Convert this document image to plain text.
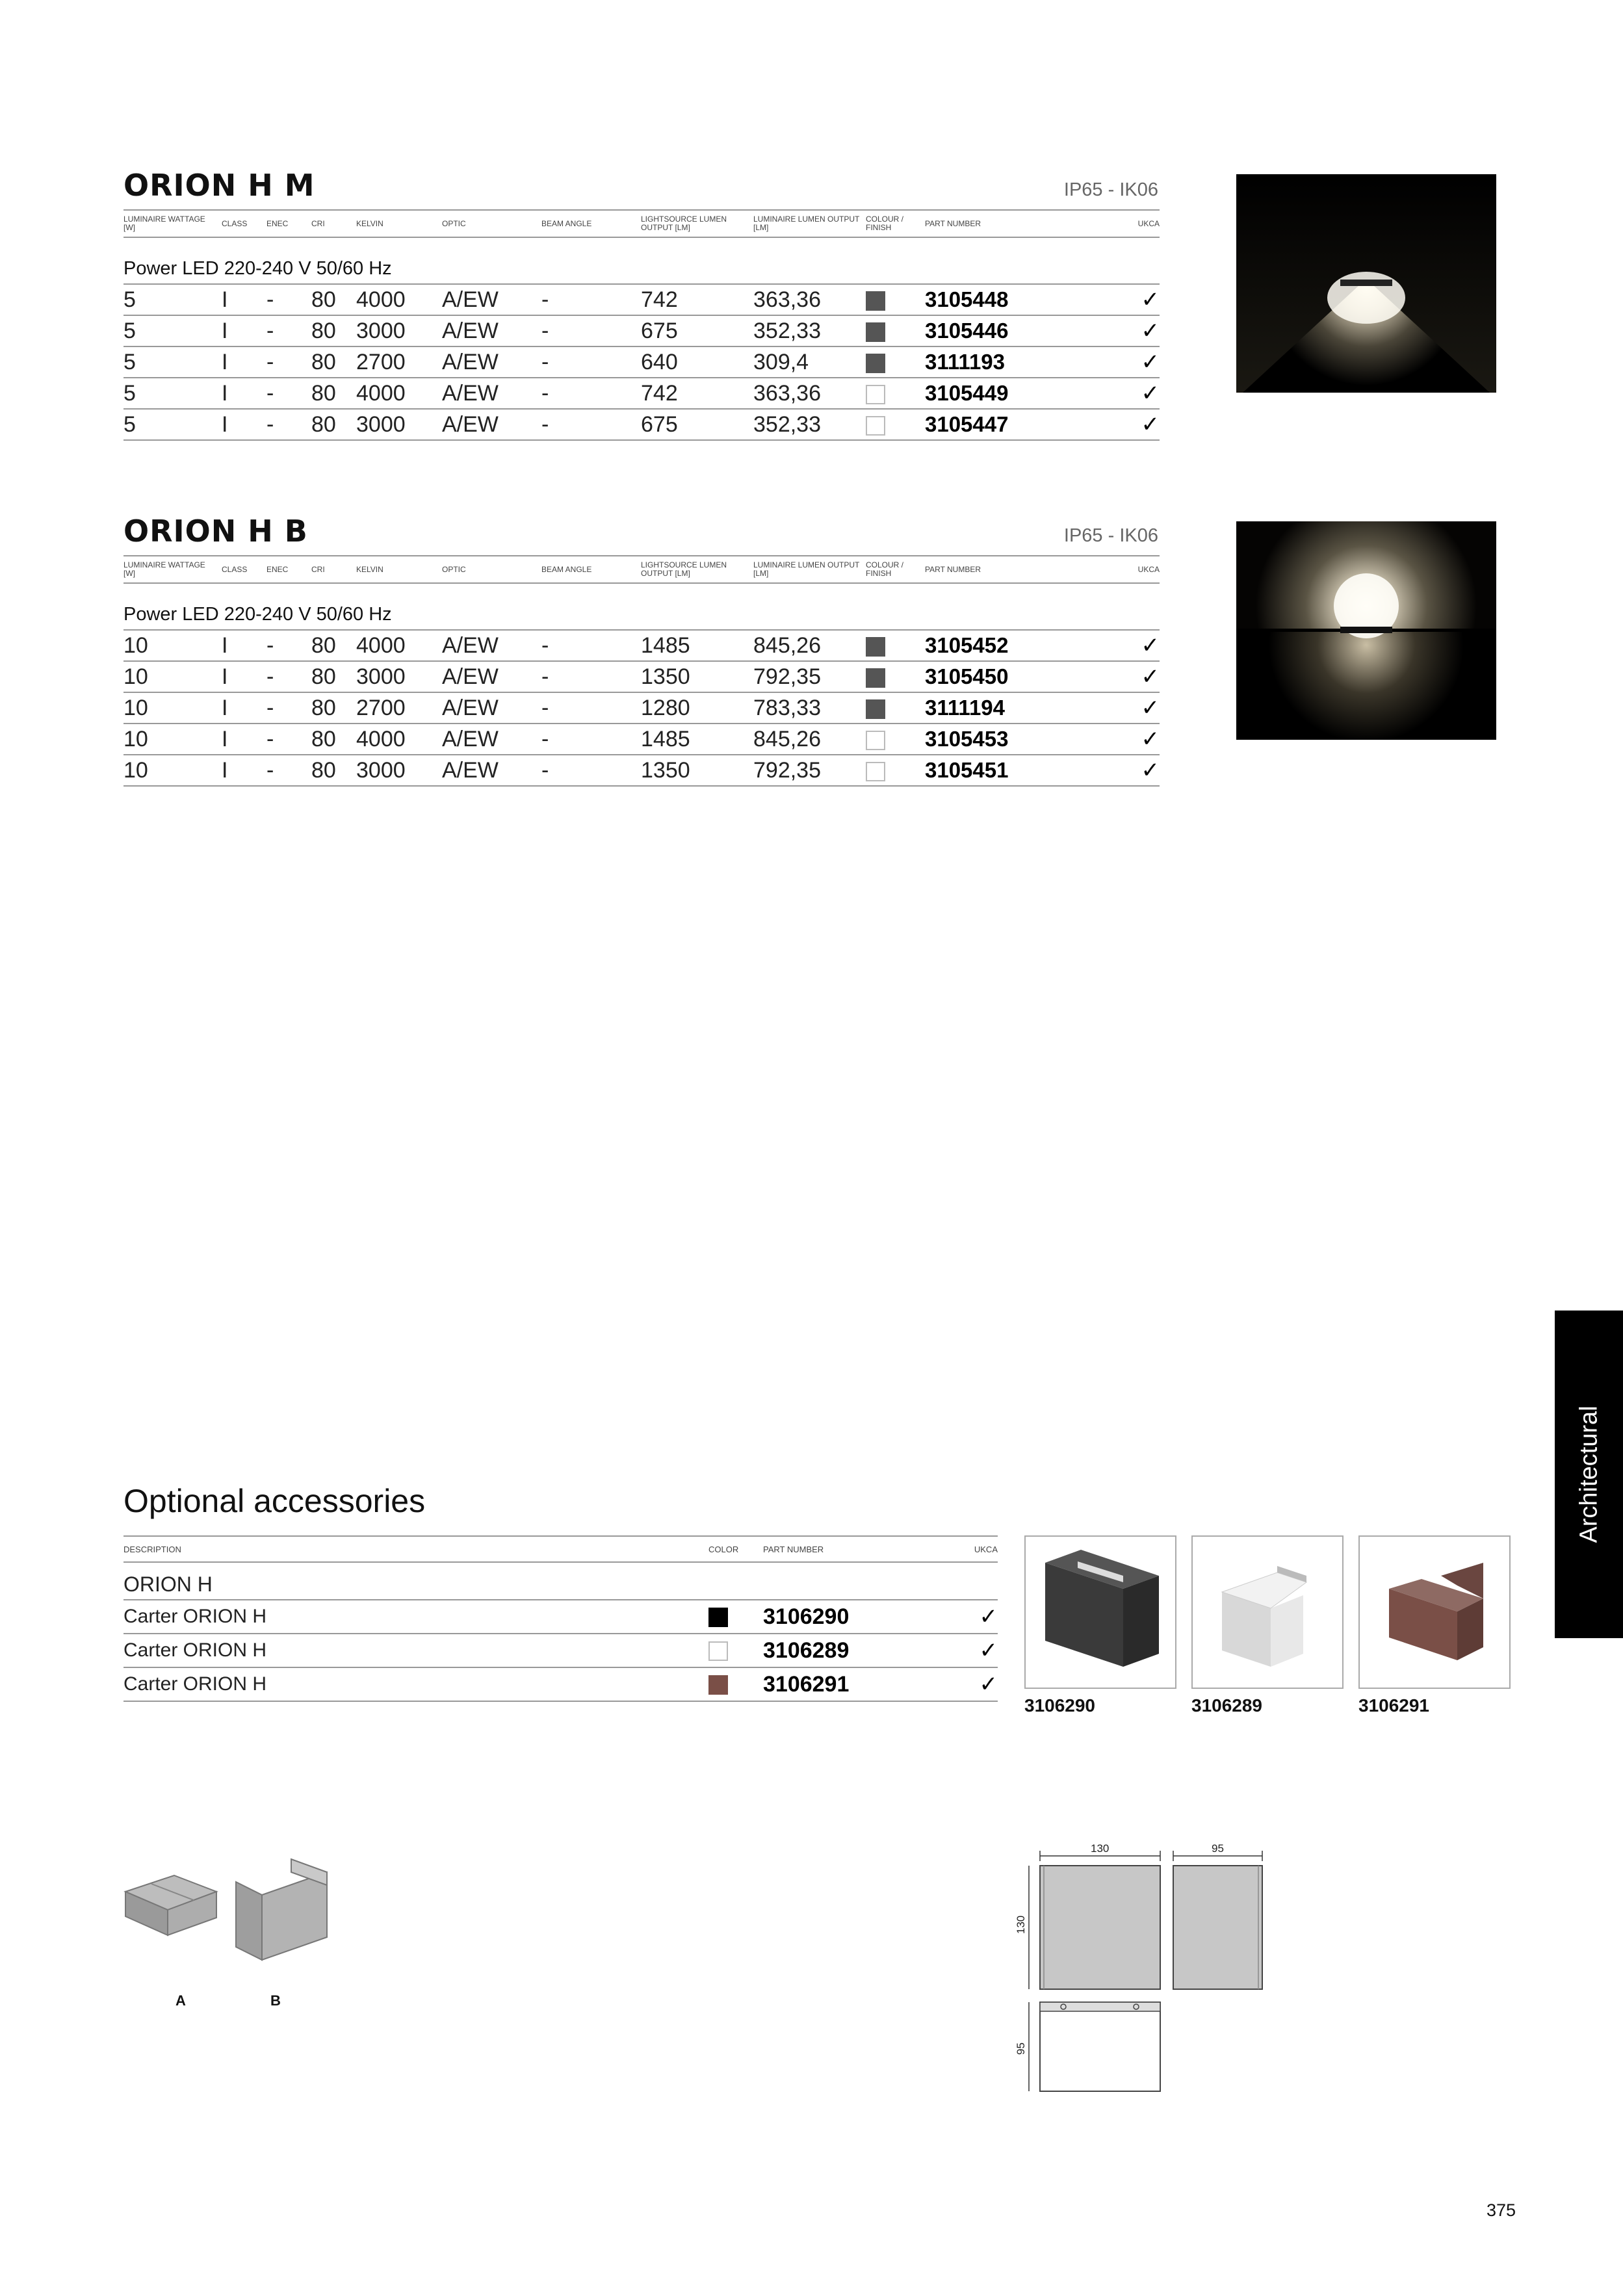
ORION H M	IP65 - IK06
LUMINAIRE WATTAGE [W]	CLASS	ENEC	CRI	KELVIN	OPTIC	BEAM ANGLE	LIGHTSOURCE LUMEN OUTPUT [LM]	LUMINAIRE LUMEN OUTPUT [LM]	COLOUR / FINISH	PART NUMBER	UKCA
Power LED 220-240 V 50/60 Hz											
5	I	-	80	4000	A/EW	-	742	363,36		3105448	✓
5	I	-	80	3000	A/EW	-	675	352,33		3105446	✓
5	I	-	80	2700	A/EW	-	640	309,4		3111193	✓
5	I	-	80	4000	A/EW	-	742	363,36		3105449	✓
5	I	-	80	3000	A/EW	-	675	352,33		3105447	✓
ORION H B	IP65 - IK06
LUMINAIRE WATTAGE [W]	CLASS	ENEC	CRI	KELVIN	OPTIC	BEAM ANGLE	LIGHTSOURCE LUMEN OUTPUT [LM]	LUMINAIRE LUMEN OUTPUT [LM]	COLOUR / FINISH	PART NUMBER	UKCA
Power LED 220-240 V 50/60 Hz											
10	I	-	80	4000	A/EW	-	1485	845,26		3105452	✓
10	I	-	80	3000	A/EW	-	1350	792,35		3105450	✓
10	I	-	80	2700	A/EW	-	1280	783,33		3111194	✓
10	I	-	80	4000	A/EW	-	1485	845,26		3105453	✓
10	I	-	80	3000	A/EW	-	1350	792,35		3105451	✓
Optional accessories
DESCRIPTION	COLOR	PART NUMBER	UKCA
ORION H			
Carter ORION H		3106290	✓
Carter ORION H		3106289	✓
Carter ORION H		3106291	✓
3106290	3106289	3106291
A	B
130	95
130
95
Architectural
375
